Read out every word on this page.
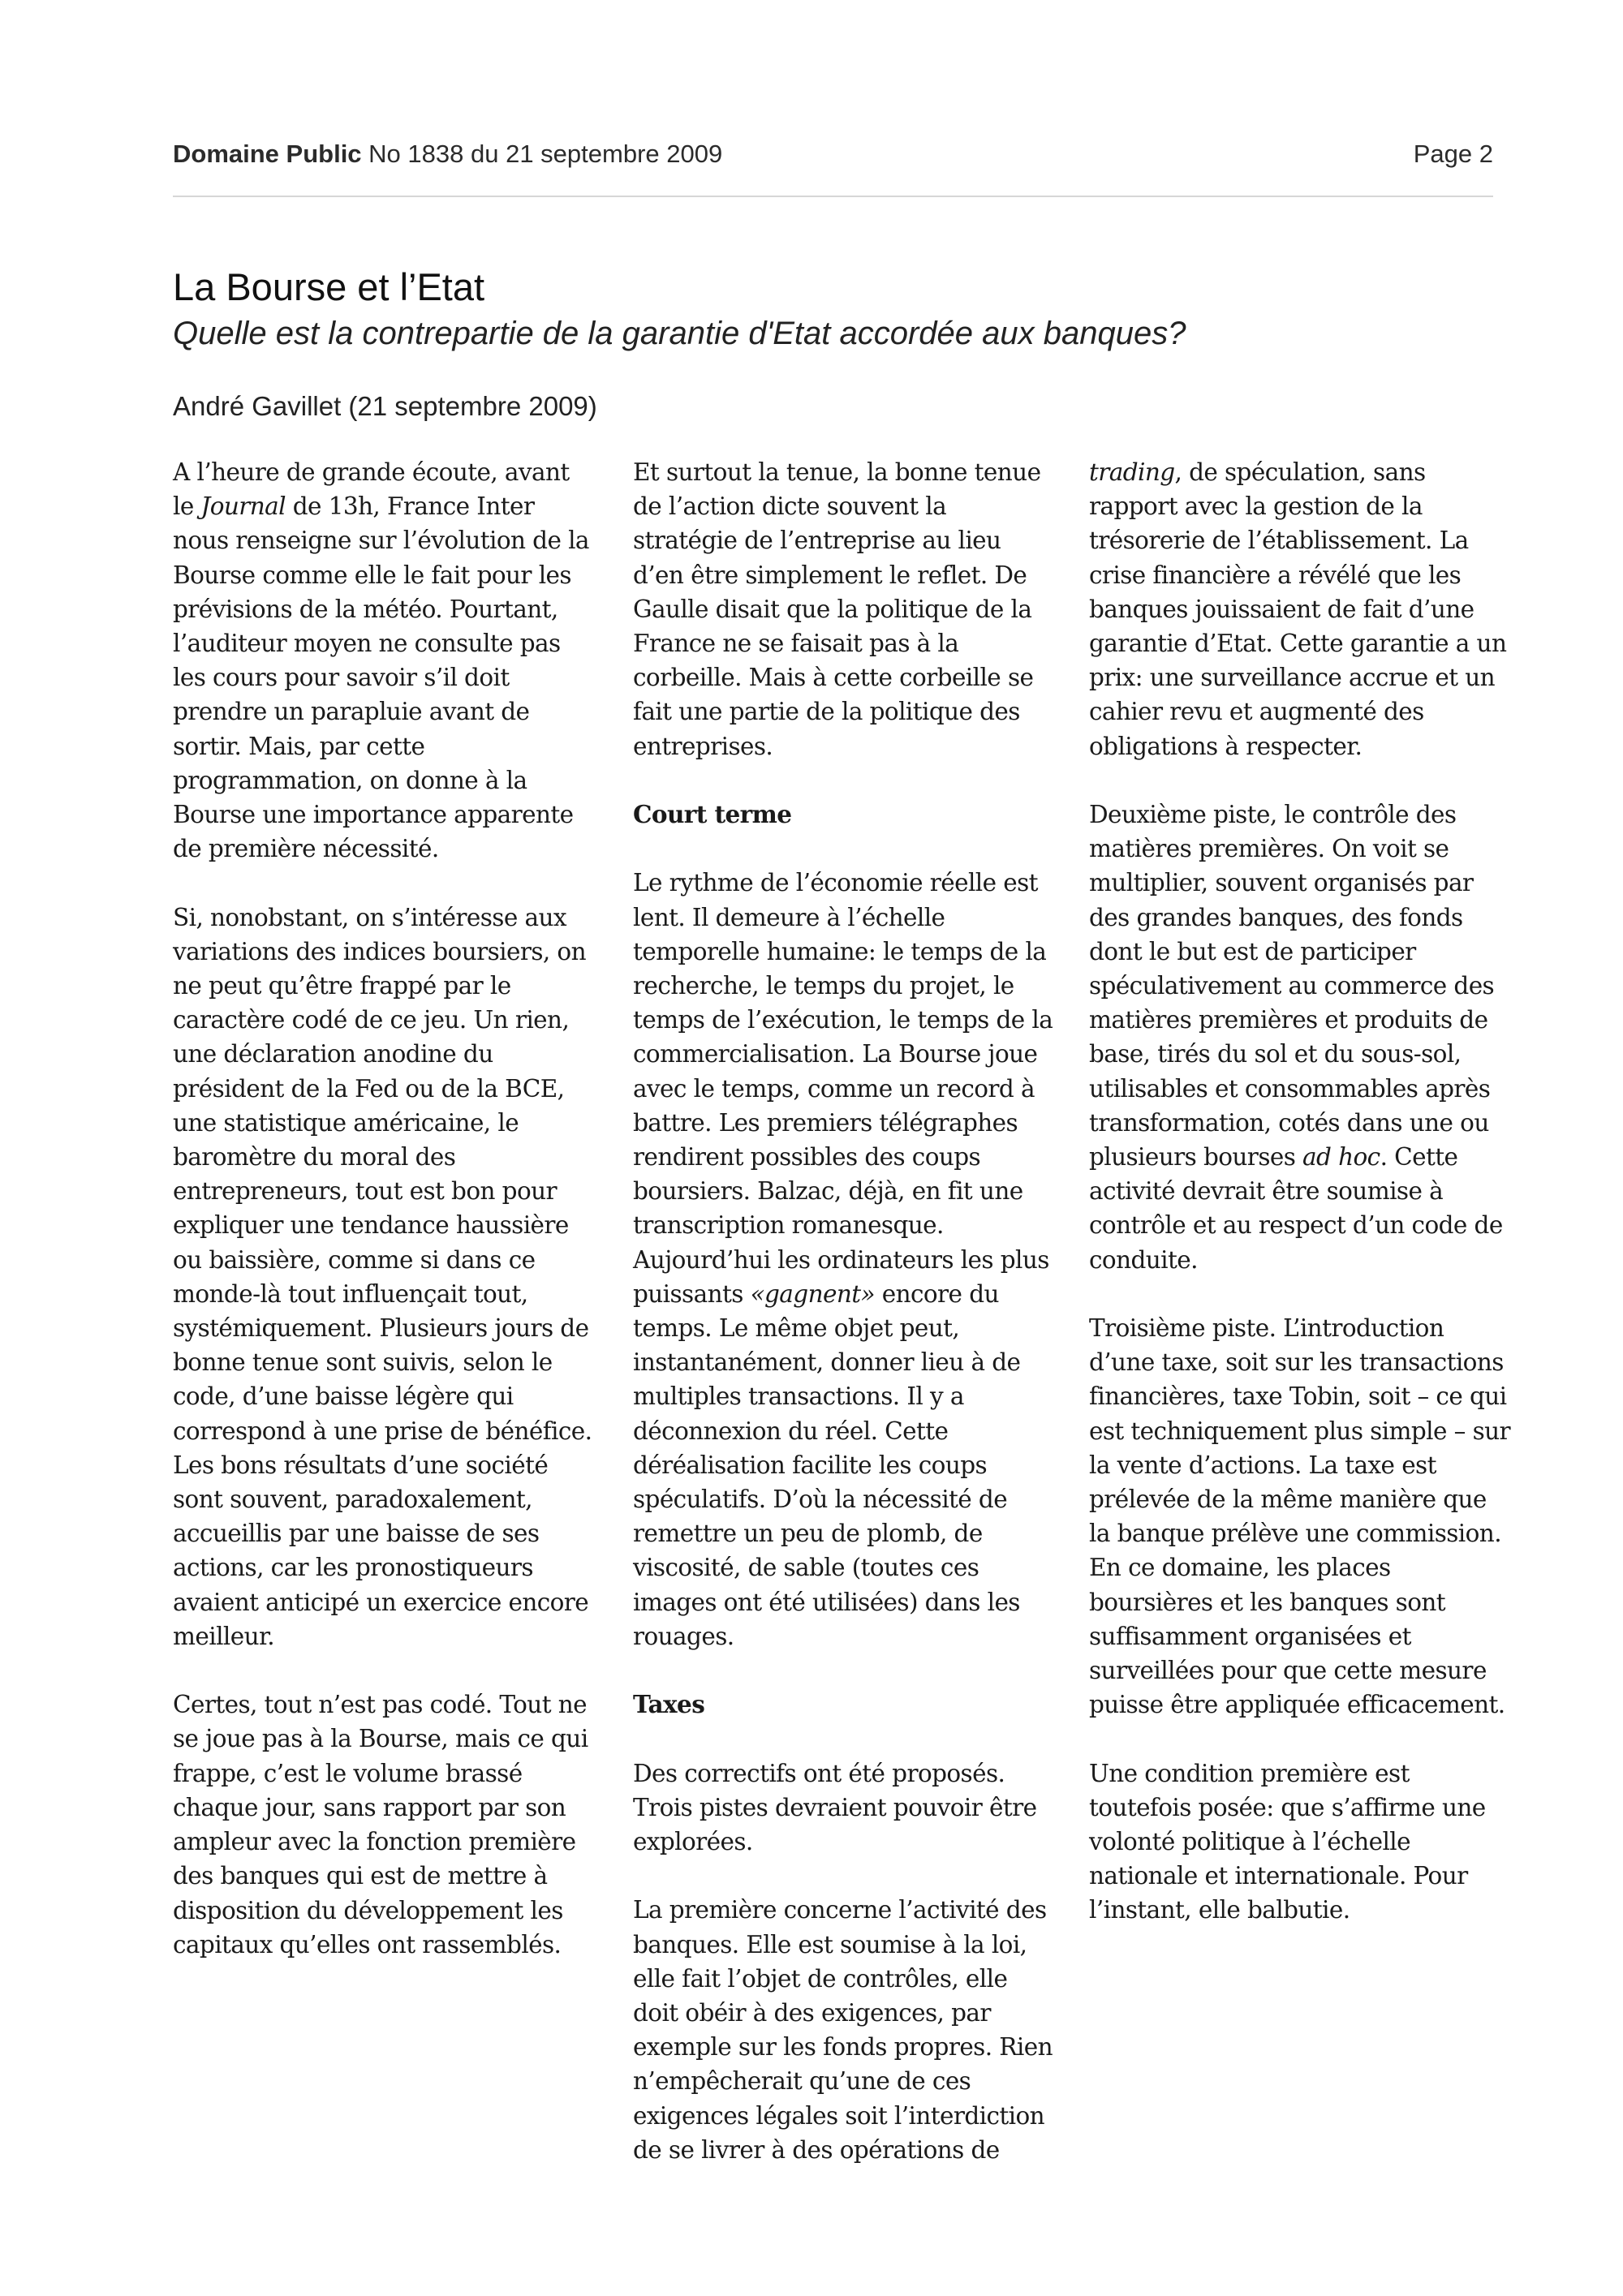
Domaine Public No 1838 du 21 septembre 2009	Page 2
La Bourse et l’Etat
Quelle est la contrepartie de la garantie d'Etat accordée aux banques?
André Gavillet (21 septembre 2009)

A l’heure de grande écoute, avant le Journal de 13h, France Inter nous renseigne sur l’évolution de la Bourse comme elle le fait pour les prévisions de la météo. Pourtant, l’auditeur moyen ne consulte pas les cours pour savoir s’il doit prendre un parapluie avant de sortir. Mais, par cette programmation, on donne à la Bourse une importance apparente de première nécessité.

Si, nonobstant, on s’intéresse aux variations des indices boursiers, on ne peut qu’être frappé par le caractère codé de ce jeu. Un rien, une déclaration anodine du président de la Fed ou de la BCE, une statistique américaine, le baromètre du moral des entrepreneurs, tout est bon pour expliquer une tendance haussière ou baissière, comme si dans ce monde-là tout influençait tout, systémiquement. Plusieurs jours de bonne tenue sont suivis, selon le code, d’une baisse légère qui correspond à une prise de bénéfice. Les bons résultats d’une société sont souvent, paradoxalement, accueillis par une baisse de ses actions, car les pronostiqueurs avaient anticipé un exercice encore meilleur.

Certes, tout n’est pas codé. Tout ne se joue pas à la Bourse, mais ce qui frappe, c’est le volume brassé chaque jour, sans rapport par son ampleur avec la fonction première des banques qui est de mettre à disposition du développement les capitaux qu’elles ont rassemblés.

Et surtout la tenue, la bonne tenue de l’action dicte souvent la stratégie de l’entreprise au lieu d’en être simplement le reflet. De Gaulle disait que la politique de la France ne se faisait pas à la corbeille. Mais à cette corbeille se fait une partie de la politique des entreprises.

Court terme

Le rythme de l’économie réelle est lent. Il demeure à l’échelle temporelle humaine: le temps de la recherche, le temps du projet, le temps de l’exécution, le temps de la commercialisation. La Bourse joue avec le temps, comme un record à battre. Les premiers télégraphes rendirent possibles des coups boursiers. Balzac, déjà, en fit une transcription romanesque. Aujourd’hui les ordinateurs les plus puissants «gagnent» encore du temps. Le même objet peut, instantanément, donner lieu à de multiples transactions. Il y a déconnexion du réel. Cette déréalisation facilite les coups spéculatifs. D’où la nécessité de remettre un peu de plomb, de viscosité, de sable (toutes ces images ont été utilisées) dans les rouages.

Taxes

Des correctifs ont été proposés. Trois pistes devraient pouvoir être explorées.

La première concerne l’activité des banques. Elle est soumise à la loi, elle fait l’objet de contrôles, elle doit obéir à des exigences, par exemple sur les fonds propres. Rien n’empêcherait qu’une de ces exigences légales soit l’interdiction de se livrer à des opérations de

trading, de spéculation, sans rapport avec la gestion de la trésorerie de l’établissement. La crise financière a révélé que les banques jouissaient de fait d’une garantie d’Etat. Cette garantie a un prix: une surveillance accrue et un cahier revu et augmenté des obligations à respecter.

Deuxième piste, le contrôle des matières premières. On voit se multiplier, souvent organisés par des grandes banques, des fonds dont le but est de participer spéculativement au commerce des matières premières et produits de base, tirés du sol et du sous-sol, utilisables et consommables après transformation, cotés dans une ou plusieurs bourses ad hoc. Cette activité devrait être soumise à contrôle et au respect d’un code de conduite.

Troisième piste. L’introduction d’une taxe, soit sur les transactions financières, taxe Tobin, soit – ce qui est techniquement plus simple – sur la vente d’actions. La taxe est prélevée de la même manière que la banque prélève une commission. En ce domaine, les places boursières et les banques sont suffisamment organisées et surveillées pour que cette mesure puisse être appliquée efficacement.

Une condition première est toutefois posée: que s’affirme une volonté politique à l’échelle nationale et internationale. Pour l’instant, elle balbutie.
